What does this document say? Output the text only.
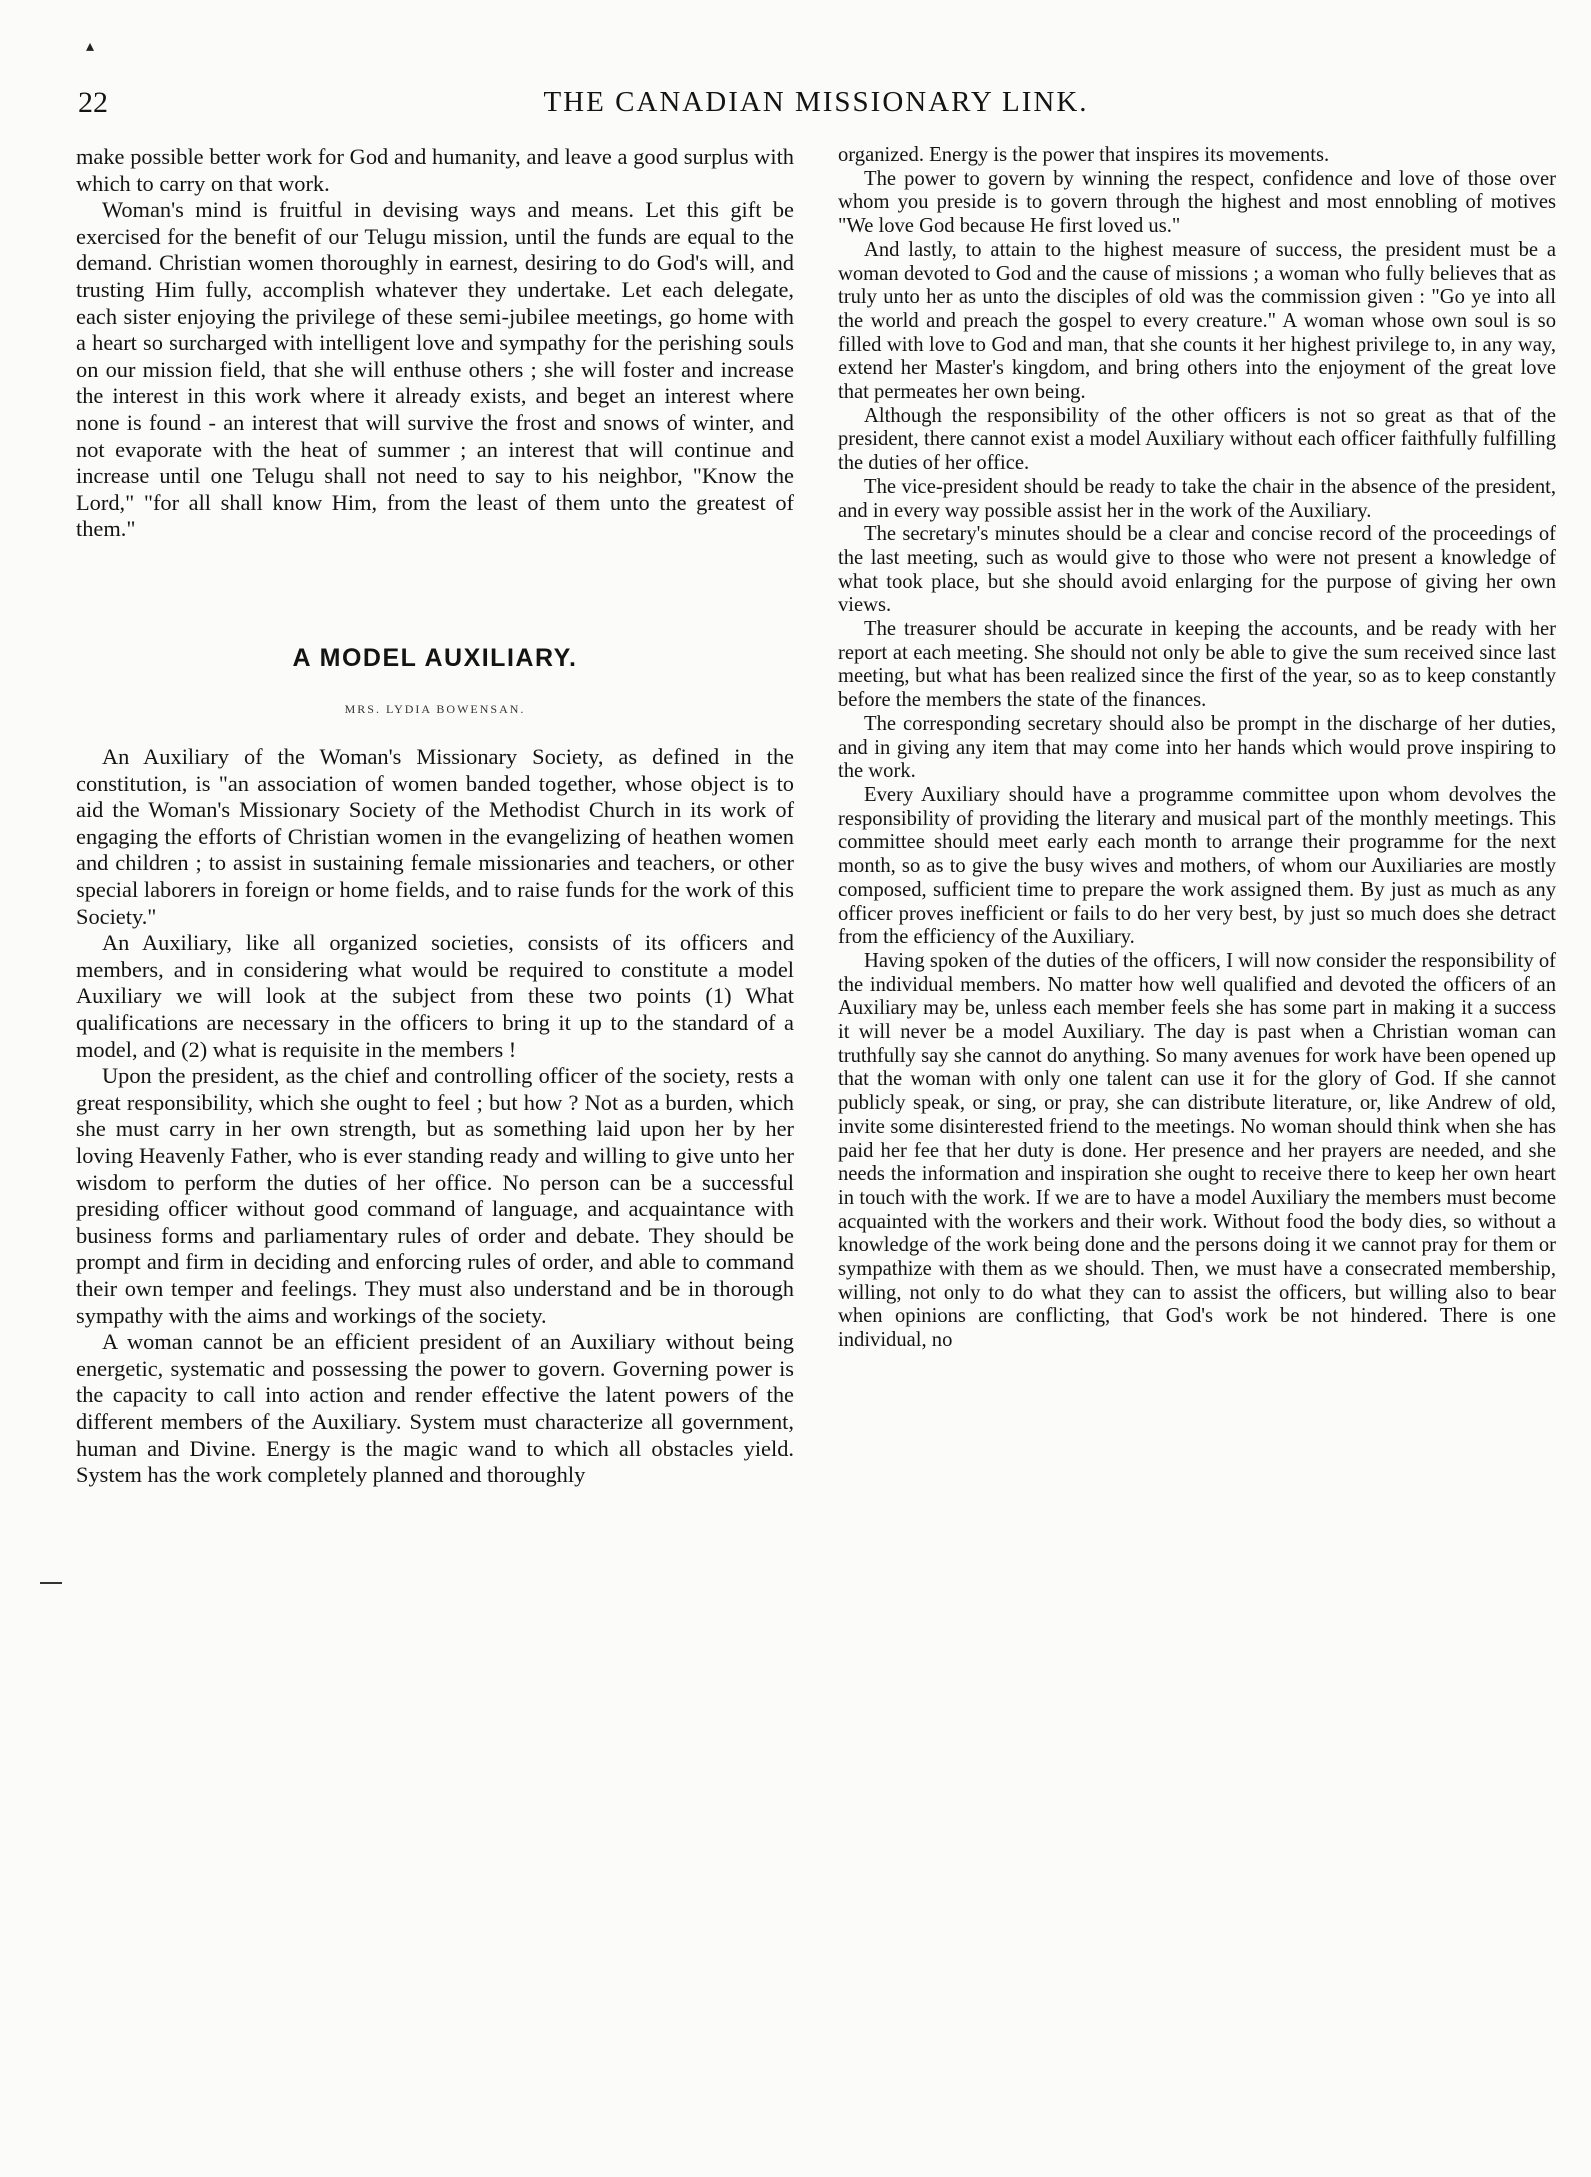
▴
22	THE CANADIAN MISSIONARY LINK.

make possible better work for God and humanity, and leave a good surplus with which to carry on that work.

Woman's mind is fruitful in devising ways and means. Let this gift be exercised for the benefit of our Telugu mission, until the funds are equal to the demand. Christian women thoroughly in earnest, desiring to do God's will, and trusting Him fully, accomplish whatever they undertake. Let each delegate, each sister enjoying the privilege of these semi-jubilee meetings, go home with a heart so surcharged with intelligent love and sympathy for the perishing souls on our mission field, that she will enthuse others ; she will foster and increase the interest in this work where it already exists, and beget an interest where none is found - an interest that will survive the frost and snows of winter, and not evaporate with the heat of summer ; an interest that will continue and increase until one Telugu shall not need to say to his neighbor, "Know the Lord," "for all shall know Him, from the least of them unto the greatest of them."

A MODEL AUXILIARY.
MRS. LYDIA BOWENSAN.

An Auxiliary of the Woman's Missionary Society, as defined in the constitution, is "an association of women banded together, whose object is to aid the Woman's Missionary Society of the Methodist Church in its work of engaging the efforts of Christian women in the evangelizing of heathen women and children ; to assist in sustaining female missionaries and teachers, or other special laborers in foreign or home fields, and to raise funds for the work of this Society."

An Auxiliary, like all organized societies, consists of its officers and members, and in considering what would be required to constitute a model Auxiliary we will look at the subject from these two points (1) What qualifications are necessary in the officers to bring it up to the standard of a model, and (2) what is requisite in the members !

Upon the president, as the chief and controlling officer of the society, rests a great responsibility, which she ought to feel ; but how ? Not as a burden, which she must carry in her own strength, but as something laid upon her by her loving Heavenly Father, who is ever standing ready and willing to give unto her wisdom to perform the duties of her office. No person can be a successful presiding officer without good command of language, and acquaintance with business forms and parliamentary rules of order and debate. They should be prompt and firm in deciding and enforcing rules of order, and able to command their own temper and feelings. They must also understand and be in thorough sympathy with the aims and workings of the society.

A woman cannot be an efficient president of an Auxiliary without being energetic, systematic and possessing the power to govern. Governing power is the capacity to call into action and render effective the latent powers of the different members of the Auxiliary. System must characterize all government, human and Divine. Energy is the magic wand to which all obstacles yield. System has the work completely planned and thoroughly

organized. Energy is the power that inspires its movements.

The power to govern by winning the respect, confidence and love of those over whom you preside is to govern through the highest and most ennobling of motives "We love God because He first loved us."

And lastly, to attain to the highest measure of success, the president must be a woman devoted to God and the cause of missions ; a woman who fully believes that as truly unto her as unto the disciples of old was the commission given : "Go ye into all the world and preach the gospel to every creature." A woman whose own soul is so filled with love to God and man, that she counts it her highest privilege to, in any way, extend her Master's kingdom, and bring others into the enjoyment of the great love that permeates her own being.

Although the responsibility of the other officers is not so great as that of the president, there cannot exist a model Auxiliary without each officer faithfully fulfilling the duties of her office.

The vice-president should be ready to take the chair in the absence of the president, and in every way possible assist her in the work of the Auxiliary.

The secretary's minutes should be a clear and concise record of the proceedings of the last meeting, such as would give to those who were not present a knowledge of what took place, but she should avoid enlarging for the purpose of giving her own views.

The treasurer should be accurate in keeping the accounts, and be ready with her report at each meeting. She should not only be able to give the sum received since last meeting, but what has been realized since the first of the year, so as to keep constantly before the members the state of the finances.

The corresponding secretary should also be prompt in the discharge of her duties, and in giving any item that may come into her hands which would prove inspiring to the work.

Every Auxiliary should have a programme committee upon whom devolves the responsibility of providing the literary and musical part of the monthly meetings. This committee should meet early each month to arrange their programme for the next month, so as to give the busy wives and mothers, of whom our Auxiliaries are mostly composed, sufficient time to prepare the work assigned them. By just as much as any officer proves inefficient or fails to do her very best, by just so much does she detract from the efficiency of the Auxiliary.

Having spoken of the duties of the officers, I will now consider the responsibility of the individual members. No matter how well qualified and devoted the officers of an Auxiliary may be, unless each member feels she has some part in making it a success it will never be a model Auxiliary. The day is past when a Christian woman can truthfully say she cannot do anything. So many avenues for work have been opened up that the woman with only one talent can use it for the glory of God. If she cannot publicly speak, or sing, or pray, she can distribute literature, or, like Andrew of old, invite some disinterested friend to the meetings. No woman should think when she has paid her fee that her duty is done. Her presence and her prayers are needed, and she needs the information and inspiration she ought to receive there to keep her own heart in touch with the work. If we are to have a model Auxiliary the members must become acquainted with the workers and their work. Without food the body dies, so without a knowledge of the work being done and the persons doing it we cannot pray for them or sympathize with them as we should. Then, we must have a consecrated membership, willing, not only to do what they can to assist the officers, but willing also to bear when opinions are conflicting, that God's work be not hindered. There is one individual, no
